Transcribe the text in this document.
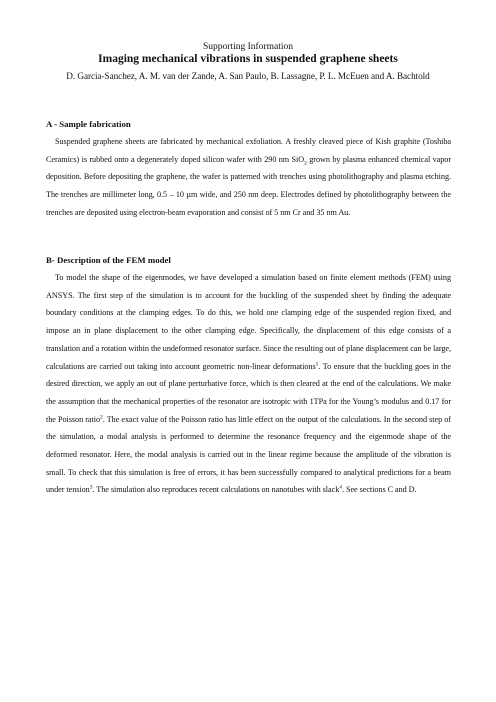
Supporting Information
Imaging mechanical vibrations in suspended graphene sheets
D. Garcia-Sanchez, A. M. van der Zande, A. San Paulo, B. Lassagne, P. L. McEuen and A. Bachtold
A - Sample fabrication

Suspended graphene sheets are fabricated by mechanical exfoliation. A freshly cleaved piece of Kish graphite (Toshiba Ceramics) is rubbed onto a degenerately doped silicon wafer with 290 nm SiO$_2$ grown by plasma enhanced chemical vapor deposition. Before depositing the graphene, the wafer is patterned with trenches using photolithography and plasma etching. The trenches are millimeter long, 0.5 – 10 µm wide, and 250 nm deep. Electrodes defined by photolithography between the trenches are deposited using electron-beam evaporation and consist of 5 nm Cr and 35 nm Au.

B- Description of the FEM model

To model the shape of the eigenmodes, we have developed a simulation based on finite element methods (FEM) using ANSYS. The first step of the simulation is to account for the buckling of the suspended sheet by finding the adequate boundary conditions at the clamping edges. To do this, we hold one clamping edge of the suspended region fixed, and impose an in plane displacement to the other clamping edge. Specifically, the displacement of this edge consists of a translation and a rotation within the undeformed resonator surface. Since the resulting out of plane displacement can be large, calculations are carried out taking into account geometric non-linear deformations$^1$. To ensure that the buckling goes in the desired direction, we apply an out of plane perturbative force, which is then cleared at the end of the calculations. We make the assumption that the mechanical properties of the resonator are isotropic with 1TPa for the Young’s modulus and 0.17 for the Poisson ratio$^2$. The exact value of the Poisson ratio has little effect on the output of the calculations. In the second step of the simulation, a modal analysis is performed to determine the resonance frequency and the eigenmode shape of the deformed resonator. Here, the modal analysis is carried out in the linear regime because the amplitude of the vibration is small. To check that this simulation is free of errors, it has been successfully compared to analytical predictions for a beam under tension$^3$. The simulation also reproduces recent calculations on nanotubes with slack$^4$. See sections C and D.
